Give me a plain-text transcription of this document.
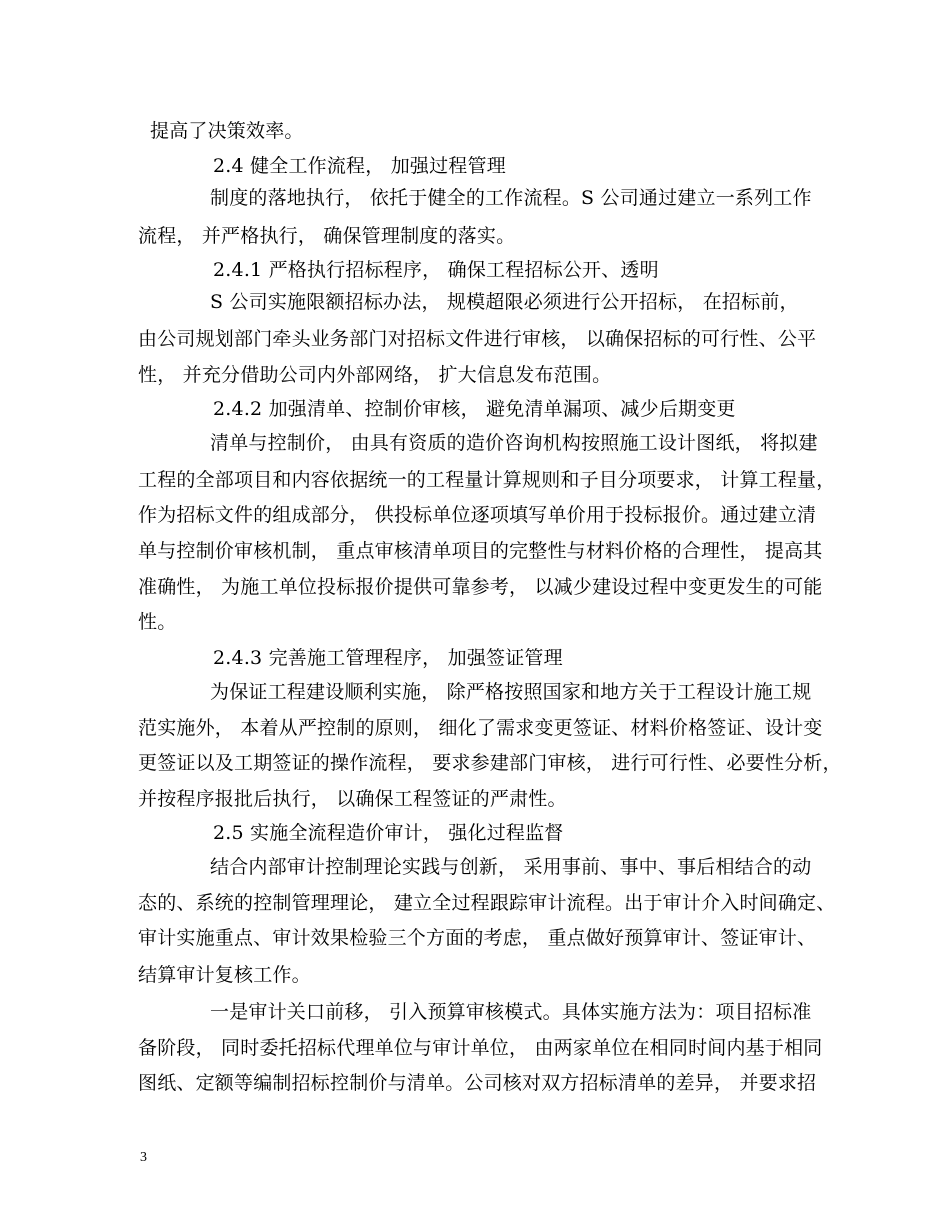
提高了决策效率。
2.4 健全工作流程， 加强过程管理
制度的落地执行， 依托于健全的工作流程。S 公司通过建立一系列工作
流程， 并严格执行， 确保管理制度的落实。
2.4.1 严格执行招标程序， 确保工程招标公开、透明
S 公司实施限额招标办法， 规模超限必须进行公开招标， 在招标前，
由公司规划部门牵头业务部门对招标文件进行审核， 以确保招标的可行性、公平
性， 并充分借助公司内外部网络， 扩大信息发布范围。
2.4.2 加强清单、控制价审核， 避免清单漏项、减少后期变更
清单与控制价， 由具有资质的造价咨询机构按照施工设计图纸， 将拟建
工程的全部项目和内容依据统一的工程量计算规则和子目分项要求， 计算工程量，
作为招标文件的组成部分， 供投标单位逐项填写单价用于投标报价。通过建立清
单与控制价审核机制， 重点审核清单项目的完整性与材料价格的合理性， 提高其
准确性， 为施工单位投标报价提供可靠参考， 以减少建设过程中变更发生的可能
性。
2.4.3 完善施工管理程序， 加强签证管理
为保证工程建设顺利实施， 除严格按照国家和地方关于工程设计施工规
范实施外， 本着从严控制的原则， 细化了需求变更签证、材料价格签证、设计变
更签证以及工期签证的操作流程， 要求参建部门审核， 进行可行性、必要性分析，
并按程序报批后执行， 以确保工程签证的严肃性。
2.5 实施全流程造价审计， 强化过程监督
结合内部审计控制理论实践与创新， 采用事前、事中、事后相结合的动
态的、系统的控制管理理论， 建立全过程跟踪审计流程。出于审计介入时间确定、
审计实施重点、审计效果检验三个方面的考虑， 重点做好预算审计、签证审计、
结算审计复核工作。
一是审计关口前移， 引入预算审核模式。具体实施方法为：项目招标准
备阶段， 同时委托招标代理单位与审计单位， 由两家单位在相同时间内基于相同
图纸、定额等编制招标控制价与清单。公司核对双方招标清单的差异， 并要求招
3
